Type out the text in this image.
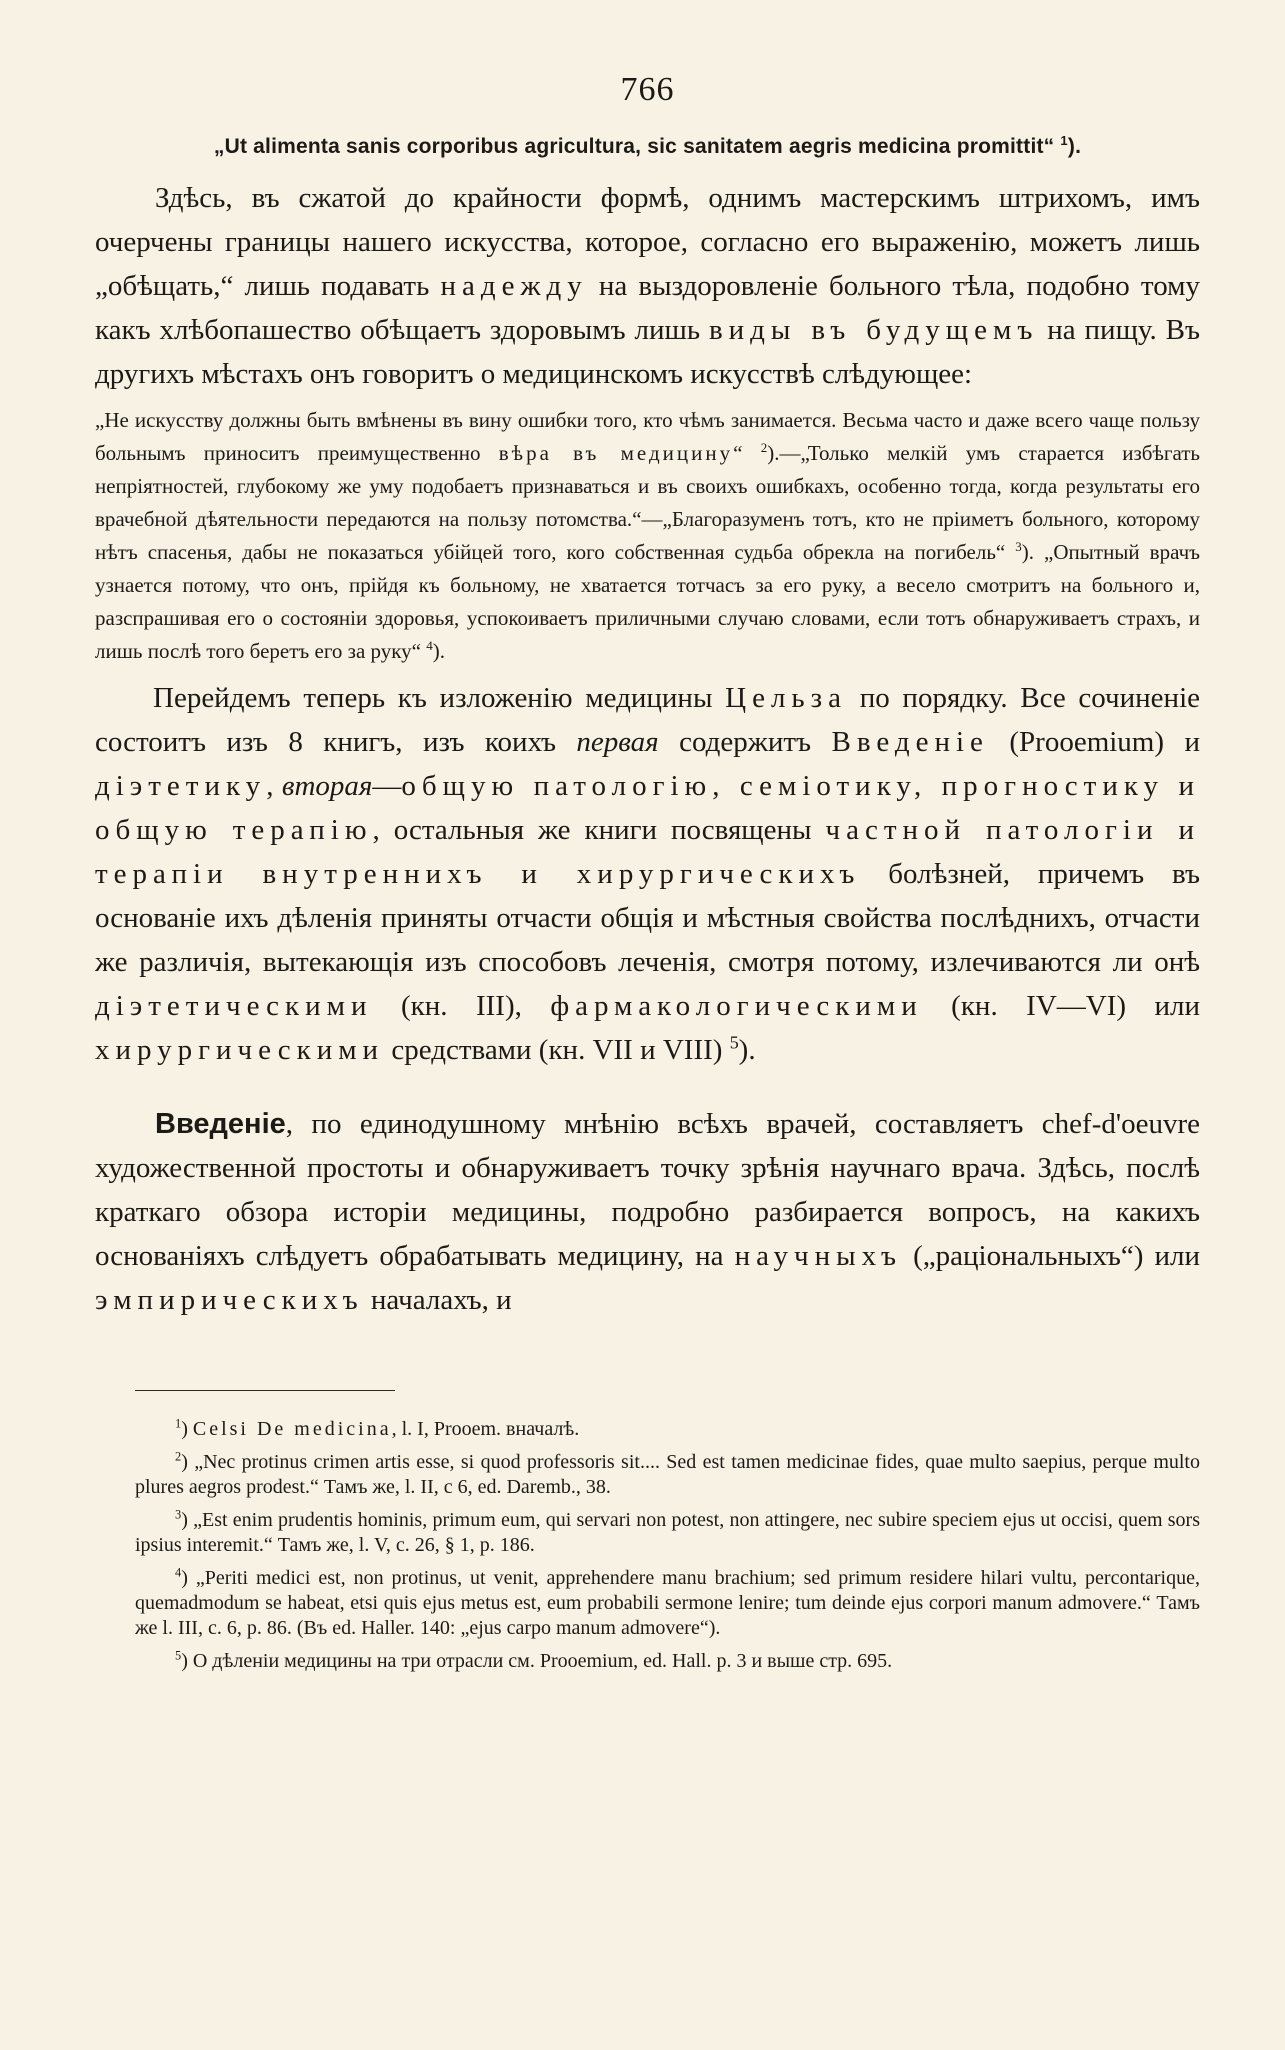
766

„Ut alimenta sanis corporibus agricultura, sic sanitatem aegris medicina promittit“ $^1$).

Здѣсь, въ сжатой до крайности формѣ, однимъ мастерскимъ штрихомъ, имъ очерчены границы нашего искусства, которое, согласно его выраженію, можетъ лишь „обѣщать,“ лишь подавать надежду на выздоровленіе больного тѣла, подобно тому какъ хлѣбопашество обѣщаетъ здоровымъ лишь виды въ будущемъ на пищу. Въ другихъ мѣстахъ онъ говоритъ о медицинскомъ искусствѣ слѣдующее:

„Не искусству должны быть вмѣнены въ вину ошибки того, кто чѣмъ занимается. Весьма часто и даже всего чаще пользу больнымъ приноситъ преимущественно вѣра въ медицину“ $^2$).—„Только мелкій умъ старается избѣгать непріятностей, глубокому же уму подобаетъ признаваться и въ своихъ ошибкахъ, особенно тогда, когда результаты его врачебной дѣятельности передаются на пользу потомства.“—„Благоразуменъ тотъ, кто не пріиметъ больного, которому нѣтъ спасенья, дабы не показаться убійцей того, кого собственная судьба обрекла на погибель“ $^3$). „Опытный врачъ узнается потому, что онъ, прійдя къ больному, не хватается тотчасъ за его руку, а весело смотритъ на больного и, разспрашивая его о состояніи здоровья, успокоиваетъ приличными случаю словами, если тотъ обнаруживаетъ страхъ, и лишь послѣ того беретъ его за руку“ $^4$).

Перейдемъ теперь къ изложенію медицины Цельза по порядку. Все сочиненіе состоитъ изъ 8 книгъ, изъ коихъ первая содержитъ Введеніе (Prooemium) и діэтетику, вторая—общую патологію, семіотику, прогностику и общую терапію, остальныя же книги посвящены частной патологіи и терапіи внутреннихъ и хирургическихъ болѣзней, причемъ въ основаніе ихъ дѣленія приняты отчасти общія и мѣстныя свойства послѣднихъ, отчасти же различія, вытекающія изъ способовъ леченія, смотря потому, излечиваются ли онѣ діэтетическими (кн. III), фармакологическими (кн. IV—VI) или хирургическими средствами (кн. VII и VIII) $^5$).

Введеніе, по единодушному мнѣнію всѣхъ врачей, составляетъ chef-d'oeuvre художественной простоты и обнаруживаетъ точку зрѣнія научнаго врача. Здѣсь, послѣ краткаго обзора исторіи медицины, подробно разбирается вопросъ, на какихъ основаніяхъ слѣдуетъ обрабатывать медицину, на научныхъ („раціональныхъ“) или эмпирическихъ началахъ, и

$^1$) Celsi De medicina, l. I, Prooem. вначалѣ.

$^2$) „Nec protinus crimen artis esse, si quod professoris sit.... Sed est tamen medicinae fides, quae multo saepius, perque multo plures aegros prodest.“ Тамъ же, l. II, c 6, ed. Daremb., 38.

$^3$) „Est enim prudentis hominis, primum eum, qui servari non potest, non attingere, nec subire speciem ejus ut occisi, quem sors ipsius interemit.“ Тамъ же, l. V, c. 26, § 1, p. 186.

$^4$) „Periti medici est, non protinus, ut venit, apprehendere manu brachium; sed primum residere hilari vultu, percontarique, quemadmodum se habeat, etsi quis ejus metus est, eum probabili sermone lenire; tum deinde ejus corpori manum admovere.“ Тамъ же l. III, c. 6, p. 86. (Въ ed. Haller. 140: „ejus carpo manum admovere“).

$^5$) О дѣленіи медицины на три отрасли см. Prooemium, ed. Hall. p. 3 и выше стр. 695.
